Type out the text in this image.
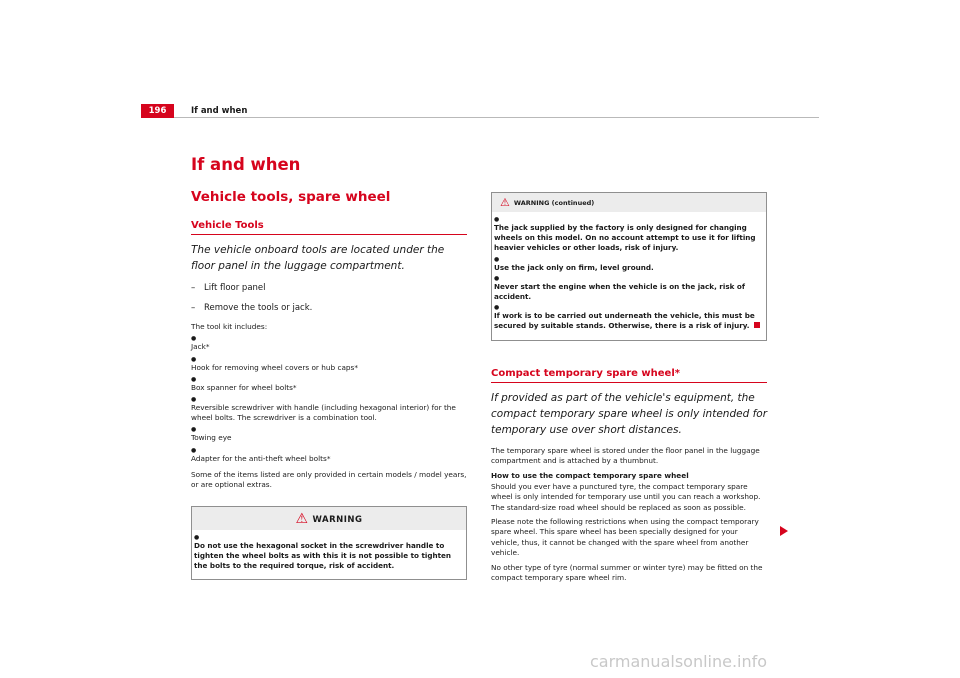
196	If and when
If and when
Vehicle tools, spare wheel
Vehicle Tools

The vehicle onboard tools are located under the floor panel in the luggage compartment.

– Lift floor panel
– Remove the tools or jack.

The tool kit includes:

● Jack*
● Hook for removing wheel covers or hub caps*
● Box spanner for wheel bolts*
● Reversible screwdriver with handle (including hexagonal interior) for the wheel bolts. The screwdriver is a combination tool.
● Towing eye
● Adapter for the anti-theft wheel bolts*

Some of the items listed are only provided in certain models / model years, or are optional extras.

⚠ WARNING
● Do not use the hexagonal socket in the screwdriver handle to tighten the wheel bolts as with this it is not possible to tighten the bolts to the required torque, risk of accident.
⚠ WARNING (continued)
● The jack supplied by the factory is only designed for changing wheels on this model. On no account attempt to use it for lifting heavier vehicles or other loads, risk of injury.
● Use the jack only on firm, level ground.
● Never start the engine when the vehicle is on the jack, risk of accident.
● If work is to be carried out underneath the vehicle, this must be secured by suitable stands. Otherwise, there is a risk of injury.
Compact temporary spare wheel*

If provided as part of the vehicle's equipment, the compact temporary spare wheel is only intended for temporary use over short distances.

The temporary spare wheel is stored under the floor panel in the luggage compartment and is attached by a thumbnut.

How to use the compact temporary spare wheel

Should you ever have a punctured tyre, the compact temporary spare wheel is only intended for temporary use until you can reach a workshop. The standard-size road wheel should be replaced as soon as possible.

Please note the following restrictions when using the compact temporary spare wheel. This spare wheel has been specially designed for your vehicle, thus, it cannot be changed with the spare wheel from another vehicle.

No other type of tyre (normal summer or winter tyre) may be fitted on the compact temporary spare wheel rim.

carmanualsonline.info
